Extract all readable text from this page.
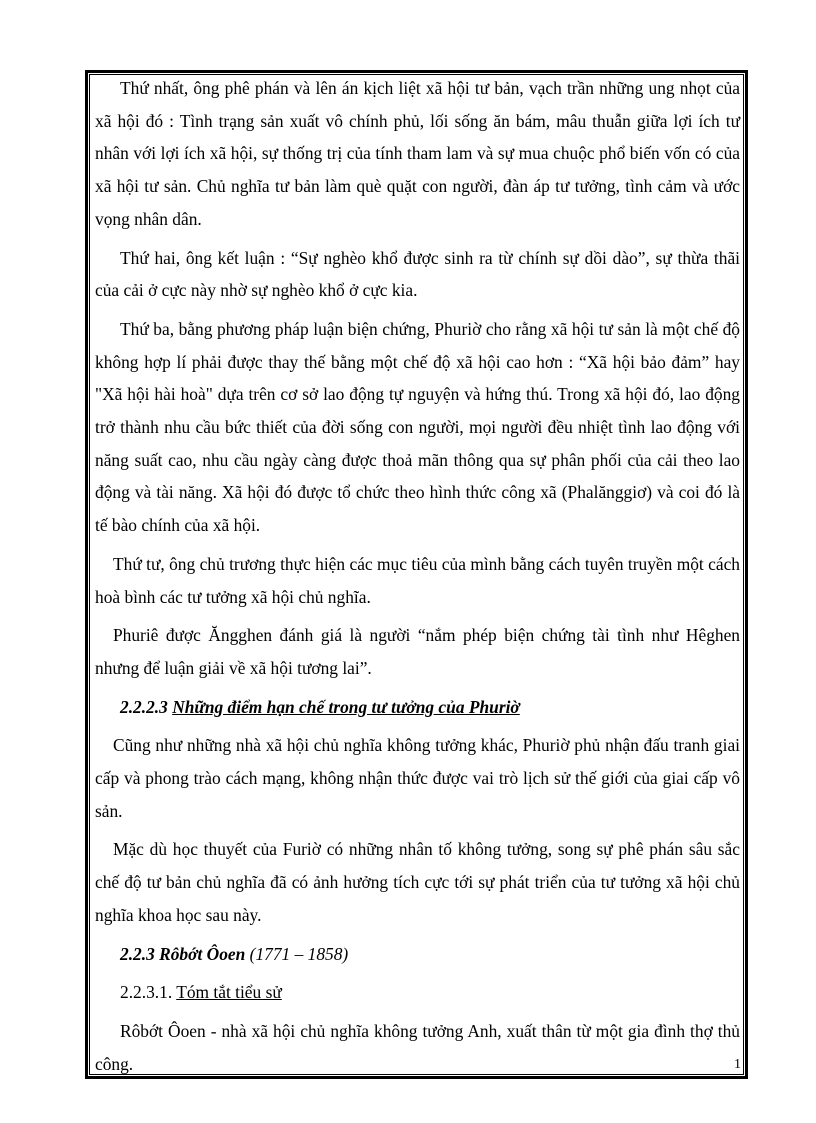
Thứ nhất, ông phê phán và lên án kịch liệt xã hội tư bản, vạch trần những ung nhọt của xã hội đó : Tình trạng sản xuất vô chính phủ, lối sống ăn bám, mâu thuẫn giữa lợi ích tư nhân với lợi ích xã hội, sự thống trị của tính tham lam và sự mua chuộc phổ biến vốn có của xã hội tư sản. Chủ nghĩa tư bản làm què quặt con người, đàn áp tư tưởng, tình cảm và ước vọng nhân dân.

Thứ hai, ông kết luận : “Sự nghèo khổ được sinh ra từ chính sự dồi dào”, sự thừa thãi của cải ở cực này nhờ sự nghèo khổ ở cực kia.

Thứ ba, bằng phương pháp luận biện chứng, Phuriờ cho rằng xã hội tư sản là một chế độ không hợp lí phải được thay thế bằng một chế độ xã hội cao hơn : “Xã hội bảo đảm” hay "Xã hội hài hoà" dựa trên cơ sở lao động tự nguyện và hứng thú. Trong xã hội đó, lao động trở thành nhu cầu bức thiết của đời sống con người, mọi người đều nhiệt tình lao động với năng suất cao, nhu cầu ngày càng được thoả mãn thông qua sự phân phối của cải theo lao động và tài năng. Xã hội đó được tổ chức theo hình thức công xã (Phalănggiơ) và coi đó là tế bào chính của xã hội.

Thứ tư, ông chủ trương thực hiện các mục tiêu của mình bằng cách tuyên truyền một cách hoà bình các tư tưởng xã hội chủ nghĩa.

Phuriê được Ăngghen đánh giá là người “nắm phép biện chứng tài tình như Hêghen nhưng để luận giải về xã hội tương lai”.

2.2.2.3 Những điểm hạn chế trong tư tưởng của Phuriờ

Cũng như những nhà xã hội chủ nghĩa không tưởng khác, Phuriờ phủ nhận đấu tranh giai cấp và phong trào cách mạng, không nhận thức được vai trò lịch sử thế giới của giai cấp vô sản.

Mặc dù học thuyết của Furiờ có những nhân tố không tưởng, song sự phê phán sâu sắc chế độ tư bản chủ nghĩa đã có ảnh hưởng tích cực tới sự phát triển của tư tưởng xã hội chủ nghĩa khoa học sau này.

2.2.3 Rôbớt Ôoen (1771 – 1858)

2.2.3.1. Tóm tắt tiểu sử

Rôbớt Ôoen - nhà xã hội chủ nghĩa không tưởng Anh, xuất thân từ một gia đình thợ thủ công.	1
